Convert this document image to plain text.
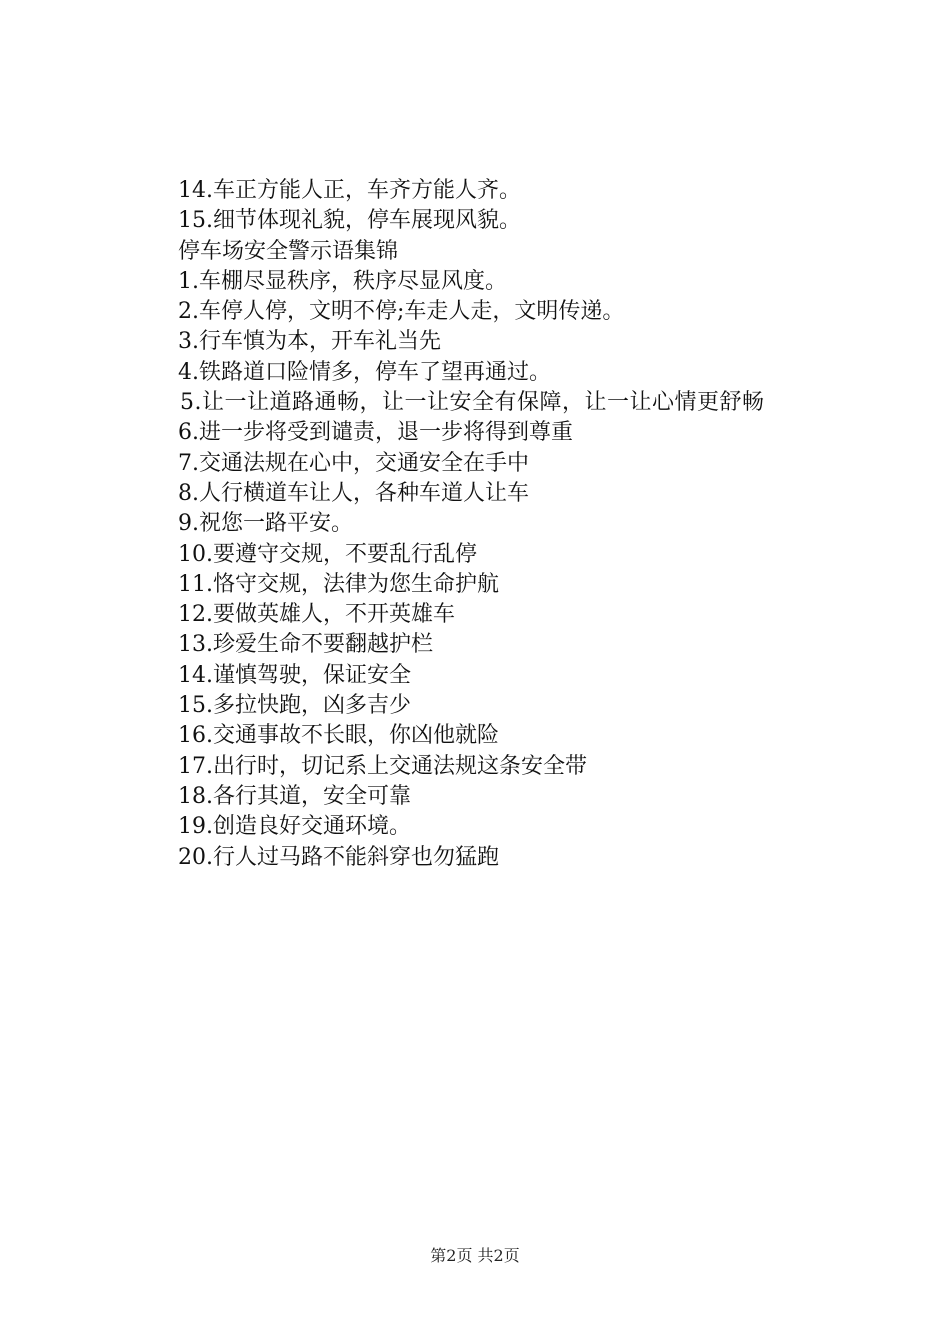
14.车正方能人正，车齐方能人齐。
15.细节体现礼貌，停车展现风貌。
停车场安全警示语集锦
1.车棚尽显秩序，秩序尽显风度。
2.车停人停，文明不停;车走人走，文明传递。
3.行车慎为本，开车礼当先
4.铁路道口险情多，停车了望再通过。
5.让一让道路通畅，让一让安全有保障，让一让心情更舒畅
6.进一步将受到谴责，退一步将得到尊重
7.交通法规在心中，交通安全在手中
8.人行横道车让人，各种车道人让车
9.祝您一路平安。
10.要遵守交规，不要乱行乱停
11.恪守交规，法律为您生命护航
12.要做英雄人，不开英雄车
13.珍爱生命不要翻越护栏
14.谨慎驾驶，保证安全
15.多拉快跑，凶多吉少
16.交通事故不长眼，你凶他就险
17.出行时，切记系上交通法规这条安全带
18.各行其道，安全可靠
19.创造良好交通环境。
20.行人过马路不能斜穿也勿猛跑
第2页 共2页
